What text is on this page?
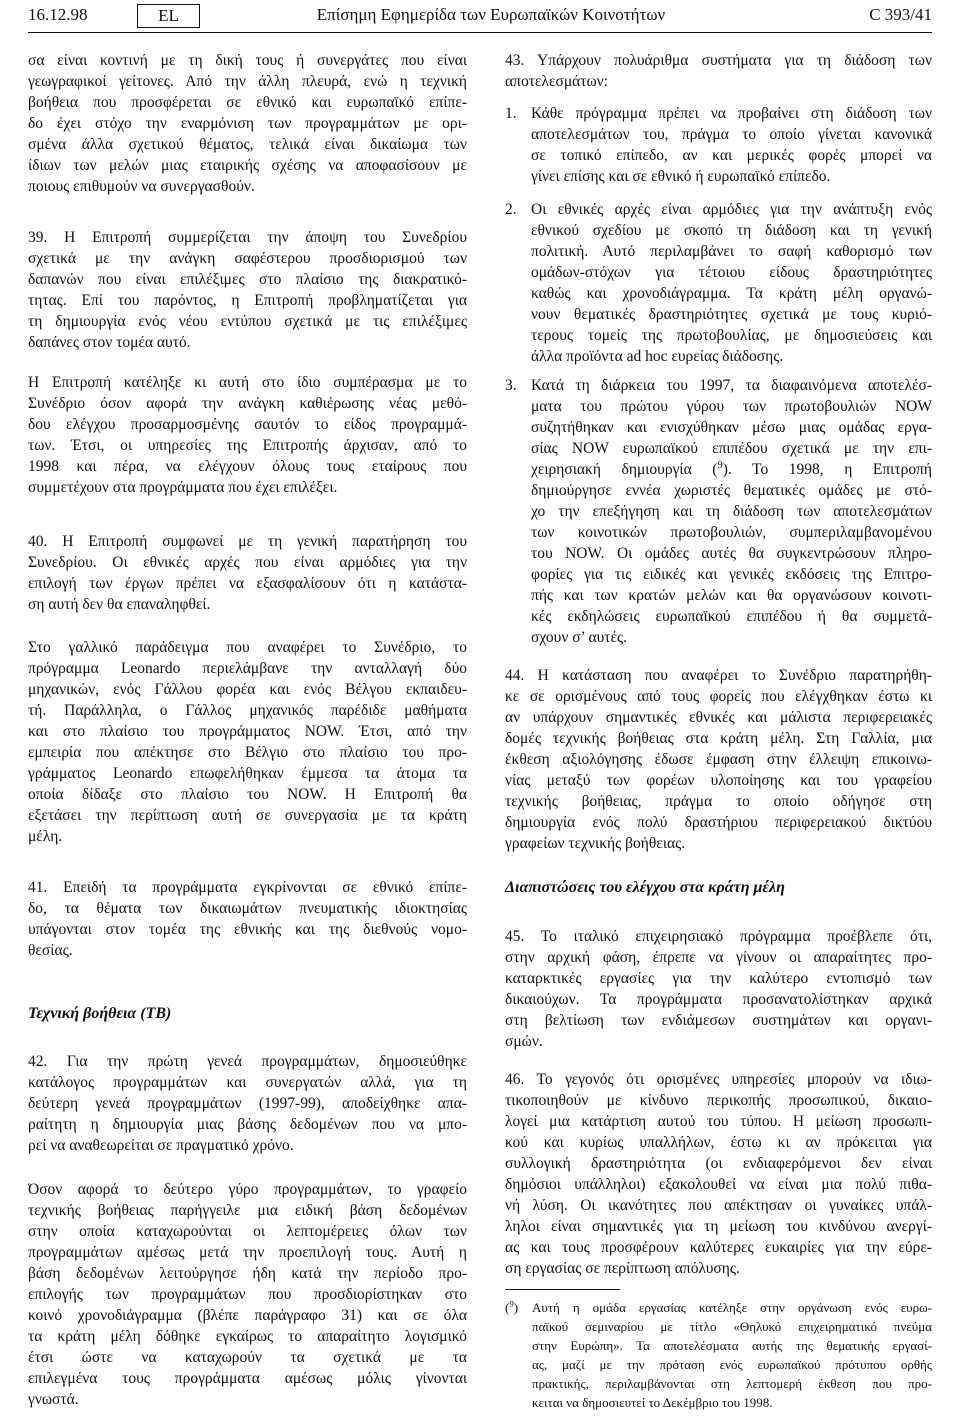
16.12.98	EL	Επίσημη Εφημερίδα των Ευρωπαϊκών Κοινοτήτων	C 393/41
σα είναι κοντινή με τη δική τους ή συνεργάτες που είναι
γεωγραφικοί γείτονες. Από την άλλη πλευρά, ενώ η τεχνική
βοήθεια που προσφέρεται σε εθνικό και ευρωπαϊκό επίπε-
δο έχει στόχο την εναρμόνιση των προγραμμάτων με ορι-
σμένα άλλα σχετικού θέματος, τελικά είναι δικαίωμα των
ίδιων των μελών μιας εταιρικής σχέσης να αποφασίσουν με
ποιους επιθυμούν να συνεργασθούν.
39. Η Επιτροπή συμμερίζεται την άποψη του Συνεδρίου
σχετικά με την ανάγκη σαφέστερου προσδιορισμού των
δαπανών που είναι επιλέξιμες στο πλαίσιο της διακρατικό-
τητας. Επί του παρόντος, η Επιτροπή προβληματίζεται για
τη δημιουργία ενός νέου εντύπου σχετικά με τις επιλέξιμες
δαπάνες στον τομέα αυτό.
Η Επιτροπή κατέληξε κι αυτή στο ίδιο συμπέρασμα με το
Συνέδριο όσον αφορά την ανάγκη καθιέρωσης νέας μεθό-
δου ελέγχου προσαρμοσμένης σαυτόν το είδος προγραμμά-
των. Έτσι, οι υπηρεσίες της Επιτροπής άρχισαν, από το
1998 και πέρα, να ελέγχουν όλους τους εταίρους που
συμμετέχουν στα προγράμματα που έχει επιλέξει.
40. Η Επιτροπή συμφωνεί με τη γενική παρατήρηση του
Συνεδρίου. Οι εθνικές αρχές που είναι αρμόδιες για την
επιλογή των έργων πρέπει να εξασφαλίσουν ότι η κατάστα-
ση αυτή δεν θα επαναληφθεί.
Στο γαλλικό παράδειγμα που αναφέρει το Συνέδριο, το
πρόγραμμα Leonardo περιελάμβανε την ανταλλαγή δύο
μηχανικών, ενός Γάλλου φορέα και ενός Βέλγου εκπαιδευ-
τή. Παράλληλα, ο Γάλλος μηχανικός παρέδιδε μαθήματα
και στο πλαίσιο του προγράμματος NOW. Έτσι, από την
εμπειρία που απέκτησε στο Βέλγιο στο πλαίσιο του προ-
γράμματος Leonardo επωφελήθηκαν έμμεσα τα άτομα τα
οποία δίδαξε στο πλαίσιο του NOW. Η Επιτροπή θα
εξετάσει την περίπτωση αυτή σε συνεργασία με τα κράτη
μέλη.
41. Επειδή τα προγράμματα εγκρίνονται σε εθνικό επίπε-
δο, τα θέματα των δικαιωμάτων πνευματικής ιδιοκτησίας
υπάγονται στον τομέα της εθνικής και της διεθνούς νομο-
θεσίας.
Τεχνική βοήθεια (ΤΒ)
42. Για την πρώτη γενεά προγραμμάτων, δημοσιεύθηκε
κατάλογος προγραμμάτων και συνεργατών αλλά, για τη
δεύτερη γενεά προγραμμάτων (1997-99), αποδείχθηκε απα-
ραίτητη η δημιουργία μιας βάσης δεδομένων που να μπο-
ρεί να αναθεωρείται σε πραγματικό χρόνο.
Όσον αφορά το δεύτερο γύρο προγραμμάτων, το γραφείο
τεχνικής βοήθειας παρήγγειλε μια ειδική βάση δεδομένων
στην οποία καταχωρούνται οι λεπτομέρειες όλων των
προγραμμάτων αμέσως μετά την προεπιλογή τους. Αυτή η
βάση δεδομένων λειτούργησε ήδη κατά την περίοδο προ-
επιλογής των προγραμμάτων που προσδιορίστηκαν στο
κοινό χρονοδιάγραμμα (βλέπε παράγραφο 31) και σε όλα
τα κράτη μέλη δόθηκε εγκαίρως το απαραίτητο λογισμικό
έτσι ώστε να καταχωρούν τα σχετικά με τα
επιλεγμένα τους προγράμματα αμέσως μόλις γίνονται
γνωστά.
43. Υπάρχουν πολυάριθμα συστήματα για τη διάδοση των
αποτελεσμάτων:
1. Κάθε πρόγραμμα πρέπει να προβαίνει στη διάδοση των
αποτελεσμάτων του, πράγμα το οποίο γίνεται κανονικά
σε τοπικό επίπεδο, αν και μερικές φορές μπορεί να
γίνει επίσης και σε εθνικό ή ευρωπαϊκό επίπεδο.
2. Οι εθνικές αρχές είναι αρμόδιες για την ανάπτυξη ενός
εθνικού σχεδίου με σκοπό τη διάδοση και τη γενική
πολιτική. Αυτό περιλαμβάνει το σαφή καθορισμό των
ομάδων-στόχων για τέτοιου είδους δραστηριότητες
καθώς και χρονοδιάγραμμα. Τα κράτη μέλη οργανώ-
νουν θεματικές δραστηριότητες σχετικά με τους κυριό-
τερους τομείς της πρωτοβουλίας, με δημοσιεύσεις και
άλλα προϊόντα ad hoc ευρείας διάδοσης.
3. Κατά τη διάρκεια του 1997, τα διαφαινόμενα αποτελέσ-
ματα του πρώτου γύρου των πρωτοβουλιών NOW
συζητήθηκαν και ενισχύθηκαν μέσω μιας ομάδας εργα-
σίας NOW ευρωπαϊκού επιπέδου σχετικά με την επι-
χειρησιακή δημιουργία ($^9$). Το 1998, η Επιτροπή
δημιούργησε εννέα χωριστές θεματικές ομάδες με στό-
χο την επεξήγηση και τη διάδοση των αποτελεσμάτων
των κοινοτικών πρωτοβουλιών, συμπεριλαμβανομένου
του NOW. Οι ομάδες αυτές θα συγκεντρώσουν πληρο-
φορίες για τις ειδικές και γενικές εκδόσεις της Επιτρο-
πής και των κρατών μελών και θα οργανώσουν κοινοτι-
κές εκδηλώσεις ευρωπαϊκού επιπέδου ή θα συμμετά-
σχουν σ’ αυτές.
44. Η κατάσταση που αναφέρει το Συνέδριο παρατηρήθη-
κε σε ορισμένους από τους φορείς που ελέγχθηκαν έστω κι
αν υπάρχουν σημαντικές εθνικές και μάλιστα περιφερειακές
δομές τεχνικής βοήθειας στα κράτη μέλη. Στη Γαλλία, μια
έκθεση αξιολόγησης έδωσε έμφαση στην έλλειψη επικοινω-
νίας μεταξύ των φορέων υλοποίησης και του γραφείου
τεχνικής βοήθειας, πράγμα το οποίο οδήγησε στη
δημιουργία ενός πολύ δραστήριου περιφερειακού δικτύου
γραφείων τεχνικής βοήθειας.
Διαπιστώσεις του ελέγχου στα κράτη μέλη
45. Το ιταλικό επιχειρησιακό πρόγραμμα προέβλεπε ότι,
στην αρχική φάση, έπρεπε να γίνουν οι απαραίτητες προ-
καταρκτικές εργασίες για την καλύτερο εντοπισμό των
δικαιούχων. Τα προγράμματα προσανατολίστηκαν αρχικά
στη βελτίωση των ενδιάμεσων συστημάτων και οργανι-
σμών.
46. Το γεγονός ότι ορισμένες υπηρεσίες μπορούν να ιδιω-
τικοποιηθούν με κίνδυνο περικοπής προσωπικού, δικαιο-
λογεί μια κατάρτιση αυτού του τύπου. Η μείωση προσωπι-
κού και κυρίως υπαλλήλων, έστω κι αν πρόκειται για
συλλογική δραστηριότητα (οι ενδιαφερόμενοι δεν είναι
δημόσιοι υπάλληλοι) εξακολουθεί να είναι μια πολύ πιθα-
νή λύση. Οι ικανότητες που απέκτησαν οι γυναίκες υπάλ-
ληλοι είναι σημαντικές για τη μείωση του κινδύνου ανεργί-
ας και τους προσφέρουν καλύτερες ευκαιρίες για την εύρε-
ση εργασίας σε περίπτωση απόλυσης.
($^9$) Αυτή η ομάδα εργασίας κατέληξε στην οργάνωση ενός ευρω-
παϊκού σεμιναρίου με τίτλο «Θηλυκό επιχειρηματικό πνεύμα
στην Ευρώπη». Τα αποτελέσματα αυτής της θεματικής εργασί-
ας, μαζί με την πρόταση ενός ευρωπαϊκού πρότυπου ορθής
πρακτικής, περιλαμβάνονται στη λεπτομερή έκθεση που προ-
κειται να δημοσιευτεί το Δεκέμβριο του 1998.
